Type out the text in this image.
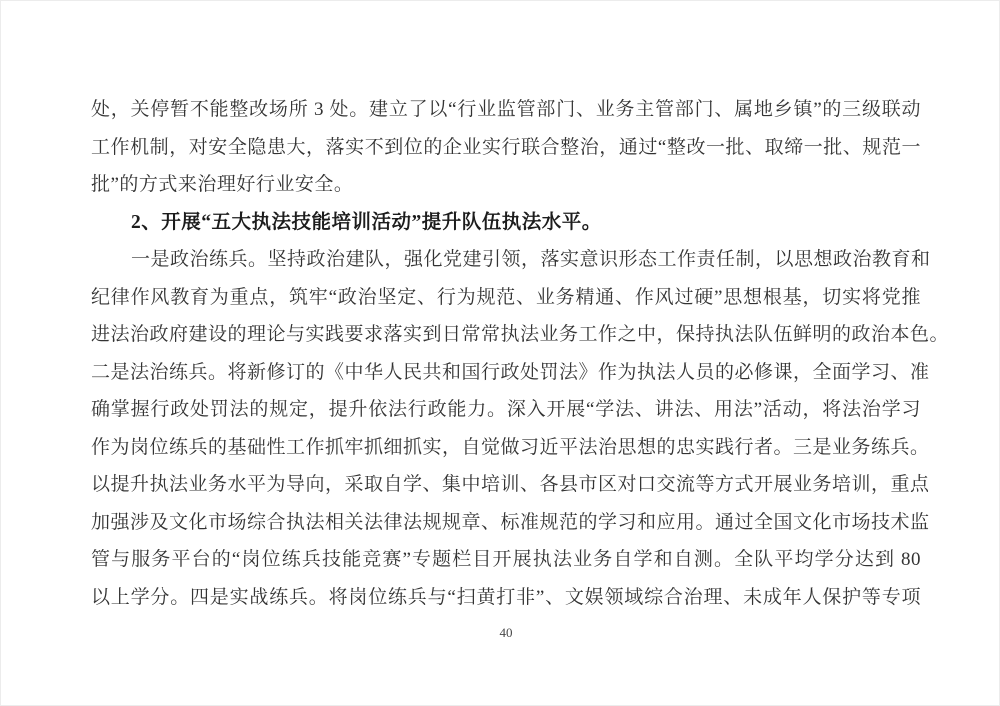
处，关停暂不能整改场所 3 处。建立了以“行业监管部门、业务主管部门、属地乡镇”的三级联动
工作机制，对安全隐患大，落实不到位的企业实行联合整治，通过“整改一批、取缔一批、规范一
批”的方式来治理好行业安全。
2、开展“五大执法技能培训活动”提升队伍执法水平。
一是政治练兵。坚持政治建队，强化党建引领，落实意识形态工作责任制，以思想政治教育和
纪律作风教育为重点，筑牢“政治坚定、行为规范、业务精通、作风过硬”思想根基，切实将党推
进法治政府建设的理论与实践要求落实到日常常执法业务工作之中，保持执法队伍鲜明的政治本色。
二是法治练兵。将新修订的《中华人民共和国行政处罚法》作为执法人员的必修课，全面学习、准
确掌握行政处罚法的规定，提升依法行政能力。深入开展“学法、讲法、用法”活动，将法治学习
作为岗位练兵的基础性工作抓牢抓细抓实，自觉做习近平法治思想的忠实践行者。三是业务练兵。
以提升执法业务水平为导向，采取自学、集中培训、各县市区对口交流等方式开展业务培训，重点
加强涉及文化市场综合执法相关法律法规规章、标准规范的学习和应用。通过全国文化市场技术监
管与服务平台的“岗位练兵技能竞赛”专题栏目开展执法业务自学和自测。全队平均学分达到 80
以上学分。四是实战练兵。将岗位练兵与“扫黄打非”、文娱领域综合治理、未成年人保护等专项
40
